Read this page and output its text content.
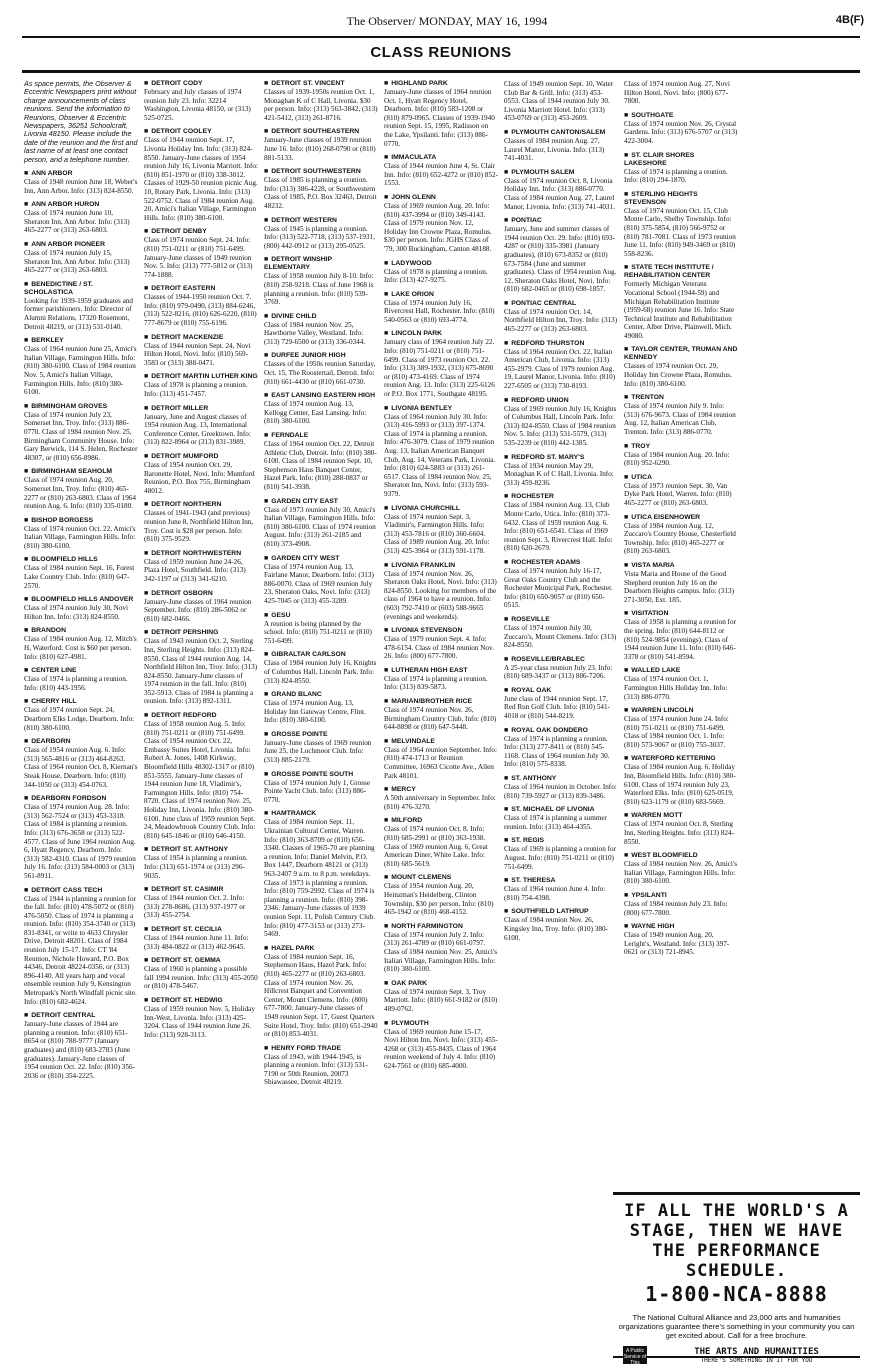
The Observer/ MONDAY, MAY 16, 1994	4B(F)
CLASS REUNIONS
As space permits, the Observer & Eccentric Newspapers print without charge announcements of class reunions. Send the information to Reunions, Observer & Eccentric Newspapers, 36251 Schoolcraft, Livonia 48150. Please include the date of the reunion and the first and last name of at least one contact person, and a telephone number.
■ ANN ARBOR
Class of 1948 reunion June 18, Weber's Inn, Ann Arbor. Info: (313) 824-8550.
■ ANN ARBOR HURON
Class of 1974 reunion June 10, Sheraton Inn, Ann Arbor. Info: (313) 465-2277 or (313) 263-6803.
■ ANN ARBOR PIONEER
Class of 1974 reunion July 15, Sheraton Inn, Ann Arbor. Info: (313) 465-2277 or (313) 263-6803.
■ BENEDICTINE / ST. SCHOLASTICA
Looking for 1939-1959 graduates and former parishioners. Info: Director of Alumni Relations, 17320 Rosemont, Detroit 48219, or (313) 531-0140.
■ BERKLEY
Class of 1964 reunion June 25, Amici's Italian Village, Farmington Hills. Info: (810) 380-6100. Class of 1984 reunion Nov. 5, Amici's Italian Village, Farmington Hills. Info: (810) 380-6100.
■ BIRMINGHAM GROVES
Class of 1974 reunion July 23, Somerset Inn, Troy. Info: (313) 886-0770. Class of 1984 reunion Nov. 25, Birmingham Community House. Info: Gary Berwick, 114 S. Helen, Rochester 48307, or (810) 656-8986.
■ BIRMINGHAM SEAHOLM
Class of 1974 reunion Aug. 20, Somerset Inn, Troy. Info: (810) 465-2277 or (810) 263-6803. Class of 1964 reunion Aug. 6. Info: (810) 335-0180.
■ BISHOP BORGESS
Class of 1974 reunion Oct. 22, Amici's Italian Village, Farmington Hills. Info: (810) 380-6100.
■ BLOOMFIELD HILLS
Class of 1984 reunion Sept. 16, Forest Lake Country Club. Info: (810) 647-2570.
■ BLOOMFIELD HILLS ANDOVER
Class of 1974 reunion July 30, Novi Hilton Inn. Info: (313) 824-8550.
■ BRANDON
Class of 1984 reunion Aug. 12, Mitch's H, Waterford. Cost is $60 per person. Info: (810) 627-4981.
■ CENTER LINE
Class of 1974 is planning a reunion. Info: (810) 443-1956.
■ CHERRY HILL
Class of 1974 reunion Sept. 24, Dearborn Elks Lodge, Dearborn. Info: (810) 380-6100.
■ DEARBORN
Class of 1954 reunion Aug. 6. Info: (313) 565-4816 or (313) 464-8263. Class of 1964 reunion Oct. 8, Kiernan's Steak House, Dearborn. Info: (810) 344-1050 or (313) 454-0763.
■ DEARBORN FORDSON
Class of 1974 reunion Aug. 28. Info: (313) 562-7524 or (313) 453-3318. Class of 1984 is planning a reunion. Info: (313) 676-3658 or (313) 522-4577. Class of June 1964 reunion Aug. 6, Hyatt Regency, Dearborn. Info: (313) 582-4310. Class of 1979 reunion July 16. Info: (313) 584-0003 or (313) 561-8911.
■ DETROIT CASS TECH
Class of 1944 is planning a reunion for the fall. Info: (810) 478-5072 or (810) 476-5050. Class of 1974 is planning a reunion. Info: (810) 354-3740 or (313) 831-8341, or write to 4633 Chrysler Drive, Detroit 48201. Class of 1984 reunion July 15-17. Info: CT '84 Reunion, Nichole Howard, P.O. Box 44346, Detroit 48224-0356, or (313) 896-4140. All years harp and vocal ensemble reunion July 9, Kensington Metropark's North Windfall picnic site. Info: (810) 682-4624.
■ DETROIT CENTRAL
January-June classes of 1944 are planning a reunion. Info: (810) 651-8654 or (810) 788-9777 (January graduates) and (810) 683-2783 (June graduates). January-June classes of 1954 reunion Oct. 22. Info: (810) 356-2036 or (810) 354-2225.
■ DETROIT CODY
February and July classes of 1974 reunion July 23. Info: 32214 Washington, Livonia 48150, or (313) 525-0725.
■ DETROIT COOLEY
Class of 1944 reunion Sept. 17, Livonia Holiday Inn. Info: (313) 824-8550. January-June classes of 1954 reunion July 16, Livonia Marriott. Info: (810) 851-1970 or (810) 338-3012. Classes of 1929-50 reunion picnic Aug. 10, Rotary Park, Livonia. Info: (313) 522-0752. Class of 1984 reunion Aug. 20, Amici's Italian Village, Farmington Hills. Info: (810) 380-6100.
■ DETROIT DENBY
Class of 1974 reunion Sept. 24. Info: (810) 751-0211 or (810) 751-6499. January-June classes of 1949 reunion Nov. 5. Info: (313) 777-5812 or (313) 774-1888.
■ DETROIT EASTERN
Classes of 1944-1950 reunion Oct. 7. Info: (810) 979-0490, (313) 884-6246, (313) 522-8216, (810) 626-6220, (810) 777-8679 or (810) 755-6196.
■ DETROIT MACKENZIE
Class of 1944 reunion Sept. 24, Novi Hilton Hotel, Novi. Info: (810) 569-3583 or (313) 388-0471.
■ DETROIT MARTIN LUTHER KING
Class of 1978 is planning a reunion. Info: (313) 451-7457.
■ DETROIT MILLER
January, June and August classes of 1954 reunion Aug. 13, International Conference Center, Greektown. Info: (313) 822-8964 or (313) 831-3989.
■ DETROIT MUMFORD
Class of 1954 reunion Oct. 29, Baronette Hotel, Novi. Info: Mumford Reunion, P.O. Box 755, Birmingham 48012.
■ DETROIT NORTHERN
Classes of 1941-1943 (and previous) reunion June 8, Northfield Hilton Inn, Troy. Cost is $28 per person. Info: (810) 375-9529.
■ DETROIT NORTHWESTERN
Class of 1959 reunion June 24-26, Plaza Hotel, Southfield. Info: (313) 342-1197 or (313) 341-6210.
■ DETROIT OSBORN
January-June classes of 1964 reunion September. Info: (810) 286-5062 or (810) 682-0466.
■ DETROIT PERSHING
Class of 1943 reunion Oct. 2, Sterling Inn, Sterling Heights. Info: (313) 824-8550. Class of 1944 reunion Aug. 14, Northfield Hilton Inn, Troy. Info: (313) 824-8550. January-June classes of 1974 reunion in the fall. Info: (810) 352-5913. Class of 1984 is planning a reunion. Info: (313) 892-1311.
■ DETROIT REDFORD
Class of 1958 reunion Aug. 5. Info: (810) 751-0211 or (810) 751-6499. Class of 1954 reunion Oct. 22, Embassy Suites Hotel, Livonia. Info: Robert A. Jones, 1408 Kirkway, Bloomfield Hills 48302-1317 or (810) 851-5555. January-June classes of 1944 reunion June 18, Vladimir's, Farmington Hills. Info: (810) 754-8720. Class of 1974 reunion Nov. 25, Holiday Inn, Livonia. Info: (810) 380-6100. June class of 1959 reunion Sept. 24, Meadowbrook Country Club. Info: (810) 645-1846 or (810) 646-4150.
■ DETROIT ST. ANTHONY
Class of 1954 is planning a reunion. Info: (313) 651-1974 or (313) 296-9035.
■ DETROIT ST. CASIMIR
Class of 1944 reunion Oct. 2. Info: (313) 278-8686, (313) 937-1977 or (313) 455-2754.
■ DETROIT ST. CECILIA
Class of 1944 reunion June 11. Info: (313) 484-0822 or (313) 462-9645.
■ DETROIT ST. GEMMA
Class of 1960 is planning a possible fall 1994 reunion. Info: (313) 455-2050 or (810) 478-5467.
■ DETROIT ST. HEDWIG
Class of 1959 reunion Nov. 5, Holiday Inn-West, Livonia. Info: (313) 425-3204. Class of 1944 reunion June 26. Info: (313) 928-3113.
■ DETROIT ST. VINCENT
Classes of 1939-1950s reunion Oct. 1, Monaghan K of C Hall, Livonia. $30 per person. Info: (313) 563-3842, (313) 421-5412, (313) 261-8716.
■ DETROIT SOUTHEASTERN
January-June classes of 1939 reunion June 16. Info: (810) 268-0790 or (810) 881-5133.
■ DETROIT SOUTHWESTERN
Class of 1985 is planning a reunion. Info: (313) 386-4228, or Southwestern Class of 1985, P.O. Box 32463, Detroit 48232.
■ DETROIT WESTERN
Class of 1945 is planning a reunion. Info: (313) 522-7718, (313) 537-1931, (800) 442-0912 or (313) 295-0525.
■ DETROIT WINSHIP ELEMENTARY
Class of 1958 reunion July 8-10. Info: (810) 258-9218. Class of June 1968 is planning a reunion. Info: (810) 539-3769.
■ DIVINE CHILD
Class of 1984 reunion Nov. 25, Hawthorne Valley, Westland. Info: (313) 729-6500 or (313) 336-0344.
■ DURFEE JUNIOR HIGH
Classes of the 1950s reunion Saturday, Oct. 15, The Roostertail, Detroit. Info: (810) 661-4430 or (810) 661-0730.
■ EAST LANSING EASTERN HIGH
Class of 1974 reunion Aug. 13, Kellogg Center, East Lansing. Info: (810) 380-6100.
■ FERNDALE
Class of 1964 reunion Oct. 22, Detroit Athletic Club, Detroit. Info: (810) 380-6100. Class of 1984 reunion Sept. 10, Stephenson Haus Banquet Center, Hazel Park. Info: (810) 288-0837 or (810) 541-3938.
■ GARDEN CITY EAST
Class of 1973 reunion July 30, Amici's Italian Village, Farmington Hills. Info: (810) 380-6100. Class of 1974 reunion August. Info: (313) 261-2185 and (810) 373-4908.
■ GARDEN CITY WEST
Class of 1974 reunion Aug. 13, Fairlane Manor, Dearborn. Info: (313) 886-0070. Class of 1969 reunion July 23, Sheraton Oaks, Novi. Info: (313) 425-7045 or (313) 455-3289.
■ GESU
A reunion is being planned by the school. Info: (810) 751-0211 or (810) 751-6499.
■ GIBRALTAR CARLSON
Class of 1984 reunion July 16, Knights of Columbus Hall, Lincoln Park. Info: (313) 824-8550.
■ GRAND BLANC
Class of 1974 reunion Aug. 13, Holiday Inn Gateway Centre, Flint. Info: (810) 380-6100.
■ GROSSE POINTE
January-June classes of 1969 reunion June 25, the Lochmoor Club. Info: (313) 885-2179.
■ GROSSE POINTE SOUTH
Class of 1974 reunion July 1, Grosse Pointe Yacht Club. Info: (313) 886-0770.
■ HAMTRAMCK
Class of 1984 reunion Sept. 11, Ukrainian Cultural Center, Warren. Info: (810) 363-8709 or (810) 656-3340. Classes of 1965-70 are planning a reunion. Info: Daniel Melvin, P.O. Box 1447, Dearborn 48121 or (313) 963-2407 9 a.m. to 8 p.m. weekdays. Class of 1973 is planning a reunion. Info: (810) 759-2992. Class of 1974 is planning a reunion. Info: (810) 398-2346. January-June classes of 1939 reunion Sept. 11, Polish Century Club. Info: (810) 477-3153 or (313) 273-5469.
■ HAZEL PARK
Class of 1984 reunion Sept. 16, Stephenson Haus, Hazel Park. Info: (810) 465-2277 or (810) 263-6803. Class of 1974 reunion Nov. 26, Hillcrest Banquet and Convention Center, Mount Clemens. Info: (800) 677-7800. January-June classes of 1949 reunion Sept. 17, Guest Quarters Suite Hotel, Troy. Info: (810) 651-2940 or (810) 853-4031.
■ HENRY FORD TRADE
Class of 1943, with 1944-1945, is planning a reunion. Info: (313) 531-7190 or 50th Reunion, 20073 Shiawassee, Detroit 48219.
■ HIGHLAND PARK
January-June classes of 1964 reunion Oct. 1, Hyatt Regency Hotel, Dearborn. Info: (810) 583-1208 or (810) 879-0965. Classes of 1939-1940 reunion Sept. 15, 1995, Radisson on the Lake, Ypsilanti. Info: (313) 886-0770.
■ IMMACULATA
Class of 1944 reunion June 4, St. Clair Inn. Info: (810) 652-4272 or (810) 852-1553.
■ JOHN GLENN
Class of 1969 reunion Aug. 20. Info: (810) 437-3994 or (810) 349-4143. Class of 1979 reunion Nov. 12, Holiday Inn Crowne Plaza, Romulus. $30 per person. Info: JGHS Class of '79, 300 Buckingham, Canton 48188.
■ LADYWOOD
Class of 1978 is planning a reunion. Info: (313) 427-9275.
■ LAKE ORION
Class of 1974 reunion July 16, Rivercrest Hall, Rochester. Info: (810) 540-0563 or (810) 693-4774.
■ LINCOLN PARK
January class of 1964 reunion July 22. Info: (810) 751-0211 or (810) 751-6499. Class of 1973 reunion Oct. 22. Info: (313) 389-1932, (313) 675-8690 or (810) 473-4169. Class of 1974 reunion Aug. 13. Info: (313) 225-6126 or P.O. Box 1771, Southgate 48195.
■ LIVONIA BENTLEY
Class of 1964 reunion July 30. Info: (313) 416-5993 or (313) 397-1374. Class of 1974 is planning a reunion. Info: 476-3079. Class of 1979 reunion Aug. 13, Italian American Banquet Club, Aug. 14, Veterans Park, Livonia. Info: (810) 624-5883 or (313) 261-6517. Class of 1984 reunion Nov. 25, Sheraton Inn, Novi. Info: (313) 593-9379.
■ LIVONIA CHURCHILL
Class of 1974 reunion Sept. 3, Vladimir's, Farmington Hills. Info: (313) 453-7816 or (810) 360-6604. Class of 1989 reunion Aug. 20. Info: (313) 425-3964 or (313) 591-1178.
■ LIVONIA FRANKLIN
Class of 1974 reunion Nov. 26, Sheraton Oaks Hotel, Novi. Info: (313) 824-8550. Looking for members of the class of 1964 to have a reunion. Info: (603) 792-7410 or (603) 588-9665 (evenings and weekends).
■ LIVONIA STEVENSON
Class of 1979 reunion Sept. 4. Info: 478-6154. Class of 1984 reunion Nov. 26. Info: (800) 677-7800.
■ LUTHERAN HIGH EAST
Class of 1974 is planning a reunion. Info: (313) 839-5873.
■ MARIAN/BROTHER RICE
Class of 1974 reunion Nov. 26, Birmingham Country Club. Info: (810) 644-8898 or (810) 647-5448.
■ MELVINDALE
Class of 1964 reunion September. Info: (810) 474-1713 or Reunion Committee, 16963 Cicotte Ave., Allen Park 48101.
■ MERCY
A 50th anniversary in September. Info: (810) 476-3270.
■ MILFORD
Class of 1974 reunion Oct. 8. Info: (810) 685-2991 or (810) 363-1938. Class of 1969 reunion Aug. 6, Great American Diner, White Lake. Info: (810) 685-5619.
■ MOUNT CLEMENS
Class of 1954 reunion Aug. 20, Heinzman's Heidelberg, Clinton Township, $30 per person. Info: (810) 465-1942 or (810) 468-4152.
■ NORTH FARMINGTON
Class of 1974 reunion July 2. Info: (313) 261-4789 or (810) 661-0797. Class of 1984 reunion Nov. 25, Amici's Italian Village, Farmington Hills. Info: (810) 380-6100.
■ OAK PARK
Class of 1974 reunion Sept. 3, Troy Marriott. Info: (810) 661-9182 or (810) 489-0762.
■ PLYMOUTH
Class of 1969 reunion June 15-17, Novi Hilton Inn, Novi. Info: (313) 455-4268 or (313) 455-8435. Class of 1964 reunion weekend of July 4. Info: (810) 624-7561 or (810) 685-4000.
Class of 1949 reunion Sept. 10, Water Club Bar & Grill. Info: (313) 453-0553. Class of 1944 reunion July 30. Livonia Marriott Hotel. Info: (313) 453-0769 or (313) 453-2609.
■ PLYMOUTH CANTON/SALEM
Classes of 1984 reunion Aug. 27, Laurel Manor, Livonia. Info: (313) 741-4031.
■ PLYMOUTH SALEM
Class of 1974 reunion Oct. 8, Livonia Holiday Inn. Info: (313) 886-0770. Class of 1984 reunion Aug. 27, Laurel Manor, Livonia. Info: (313) 741-4031.
■ PONTIAC
January, June and summer classes of 1944 reunion Oct. 29. Info: (810) 693-4287 or (810) 335-3981 (January graduates), (810) 673-8352 or (810) 673-7584 (June and summer graduates). Class of 1954 reunion Aug. 12, Sheraton Oaks Hotel, Novi. Info: (810) 682-0465 or (810) 698-1857.
■ PONTIAC CENTRAL
Class of 1974 reunion Oct. 14, Northfield Hilton Inn, Troy. Info: (313) 465-2277 or (313) 263-6803.
■ REDFORD THURSTON
Class of 1964 reunion Oct. 22, Italian American Club, Livonia. Info: (313) 455-2979. Class of 1979 reunion Aug. 19, Laurel Manor, Livonia. Info: (810) 227-6505 or (313) 730-8193.
■ REDFORD UNION
Class of 1969 reunion July 16, Knights of Columbus Hall, Lincoln Park. Info: (313) 824-8550. Class of 1984 reunion Nov. 5. Info: (313) 531-5579, (313) 535-2239 or (810) 442-1385.
■ REDFORD ST. MARY'S
Class of 1934 reunion May 29, Monaghan K of C Hall, Livonia. Info: (313) 459-8236.
■ ROCHESTER
Class of 1984 reunion Aug. 13, Club Monte Carlo, Utica. Info: (810) 373-6432. Class of 1959 reunion Aug. 6. Info: (810) 651-6541. Class of 1969 reunion Sept. 3, Rivercrest Hall. Info: (810) 620-2679.
■ ROCHESTER ADAMS
Class of 1974 reunion July 16-17, Great Oaks Country Club and the Rochester Municipal Park, Rochester. Info: (810) 650-9057 or (810) 650-0515.
■ ROSEVILLE
Class of 1974 reunion July 30, Zuccaro's, Mount Clemens. Info: (313) 824-8550.
■ ROSEVILLE/BRABLEC
A 25-year class reunion July 23. Info: (810) 689-3437 or (313) 886-7206.
■ ROYAL OAK
June class of 1944 reunion Sept. 17, Red Run Golf Club. Info: (810) 541-4018 or (810) 544-8219.
■ ROYAL OAK DONDERO
Class of 1974 is planning a reunion. Info: (313) 277-8411 or (810) 545-1168. Class of 1964 reunion July 30. Info: (810) 575-8338.
■ ST. ANTHONY
Class of 1964 reunion in October. Info: (810) 739-5927 or (313) 839-3486.
■ ST. MICHAEL OF LIVONIA
Class of 1974 is planning a summer reunion. Info: (313) 464-4355.
■ ST. REGIS
Class of 1969 is planning a reunion for August. Info: (810) 751-0211 or (810) 751-6499.
■ ST. THERESA
Class of 1964 reunion June 4. Info: (810) 754-4398.
■ SOUTHFIELD LATHRUP
Class of 1984 reunion Nov. 26, Kingsley Inn, Troy. Info: (810) 380-6100.
Class of 1974 reunion Aug. 27, Novi Hilton Hotel, Novi. Info: (800) 677-7800.
■ SOUTHGATE
Class of 1974 reunion Nov. 26, Crystal Gardens. Info: (313) 676-5707 or (313) 422-3004.
■ ST. CLAIR SHORES LAKESHORE
Class of 1974 is planning a reunion. Info: (810) 294-1870.
■ STERLING HEIGHTS STEVENSON
Class of 1974 reunion Oct. 15, Club Monte Carlo, Shelby Township. Info: (810) 375-5854, (810) 566-9752 or (810) 781-7081. Class of 1973 reunion June 11. Info: (810) 949-3469 or (810) 558-8236.
■ STATE TECH INSTITUTE / REHABILITATION CENTER
Formerly Michigan Veterans Vocational School (1944-59) and Michigan Rehabilitation Institute (1959-68) reunion June 16. Info: State Technical Institute and Rehabilitation Center, Alber Drive, Plainwell, Mich. 49080.
■ TAYLOR CENTER, TRUMAN AND KENNEDY
Classes of 1974 reunion Oct. 29, Holiday Inn Crowne Plaza, Romulus. Info: (810) 380-6100.
■ TRENTON
Class of 1974 reunion July 9. Info: (313) 676-9673. Class of 1984 reunion Aug. 12, Italian American Club, Trenton. Info: (313) 886-0770.
■ TROY
Class of 1984 reunion Aug. 20. Info: (810) 952-6290.
■ UTICA
Class of 1973 reunion Sept. 30, Van Dyke Park Hotel, Warren. Info: (810) 465-2277 or (810) 263-6803.
■ UTICA EISENHOWER
Class of 1984 reunion Aug. 12, Zuccaro's Country House, Chesterfield Township. Info: (810) 465-2277 or (810) 263-6803.
■ VISTA MARIA
Vista Maria and House of the Good Shepherd reunion July 16 on the Dearborn Heights campus. Info: (313) 271-3050, Ext. 185.
■ VISITATION
Class of 1958 is planning a reunion for the spring. Info: (810) 644-8112 or (810) 524-9854 (evenings). Class of 1944 reunion June 11. Info: (810) 646-3378 or (810) 541-8594.
■ WALLED LAKE
Class of 1974 reunion Oct. 1, Farmington Hills Holiday Inn. Info: (313) 886-0770.
■ WARREN LINCOLN
Class of 1974 reunion June 24. Info: (810) 751-0211 or (810) 751-6499. Class of 1984 reunion Oct. 1. Info: (810) 573-9067 or (810) 755-3037.
■ WATERFORD KETTERING
Class of 1984 reunion Aug. 6, Holiday Inn, Bloomfield Hills. Info: (810) 380-6100. Class of 1974 reunion July 23, Waterford Elks. Info: (810) 625-0519, (810) 623-1179 or (810) 683-5669.
■ WARREN MOTT
Class of 1974 reunion Oct. 8, Sterling Inn, Sterling Heights. Info: (313) 824-8550.
■ WEST BLOOMFIELD
Class of 1984 reunion Nov. 26, Amici's Italian Village, Farmington Hills. Info: (810) 380-6100.
■ YPSILANTI
Class of 1984 reunion July 23. Info: (800) 677-7800.
■ WAYNE HIGH
Class of 1949 reunion Aug. 20, Leright's, Westland. Info: (313) 397-0621 or (313) 721-8945.
IF ALL THE WORLD'S A STAGE, THEN WE HAVE THE PERFORMANCE SCHEDULE.
1-800-NCA-8888
The National Cultural Alliance and 23,000 arts and humanities organizations guarantee there's something in your community you can get excited about. Call for a free brochure.
A Public Service of This Publication
THE ARTS AND HUMANITIES
THERE'S SOMETHING IN IT FOR YOU
